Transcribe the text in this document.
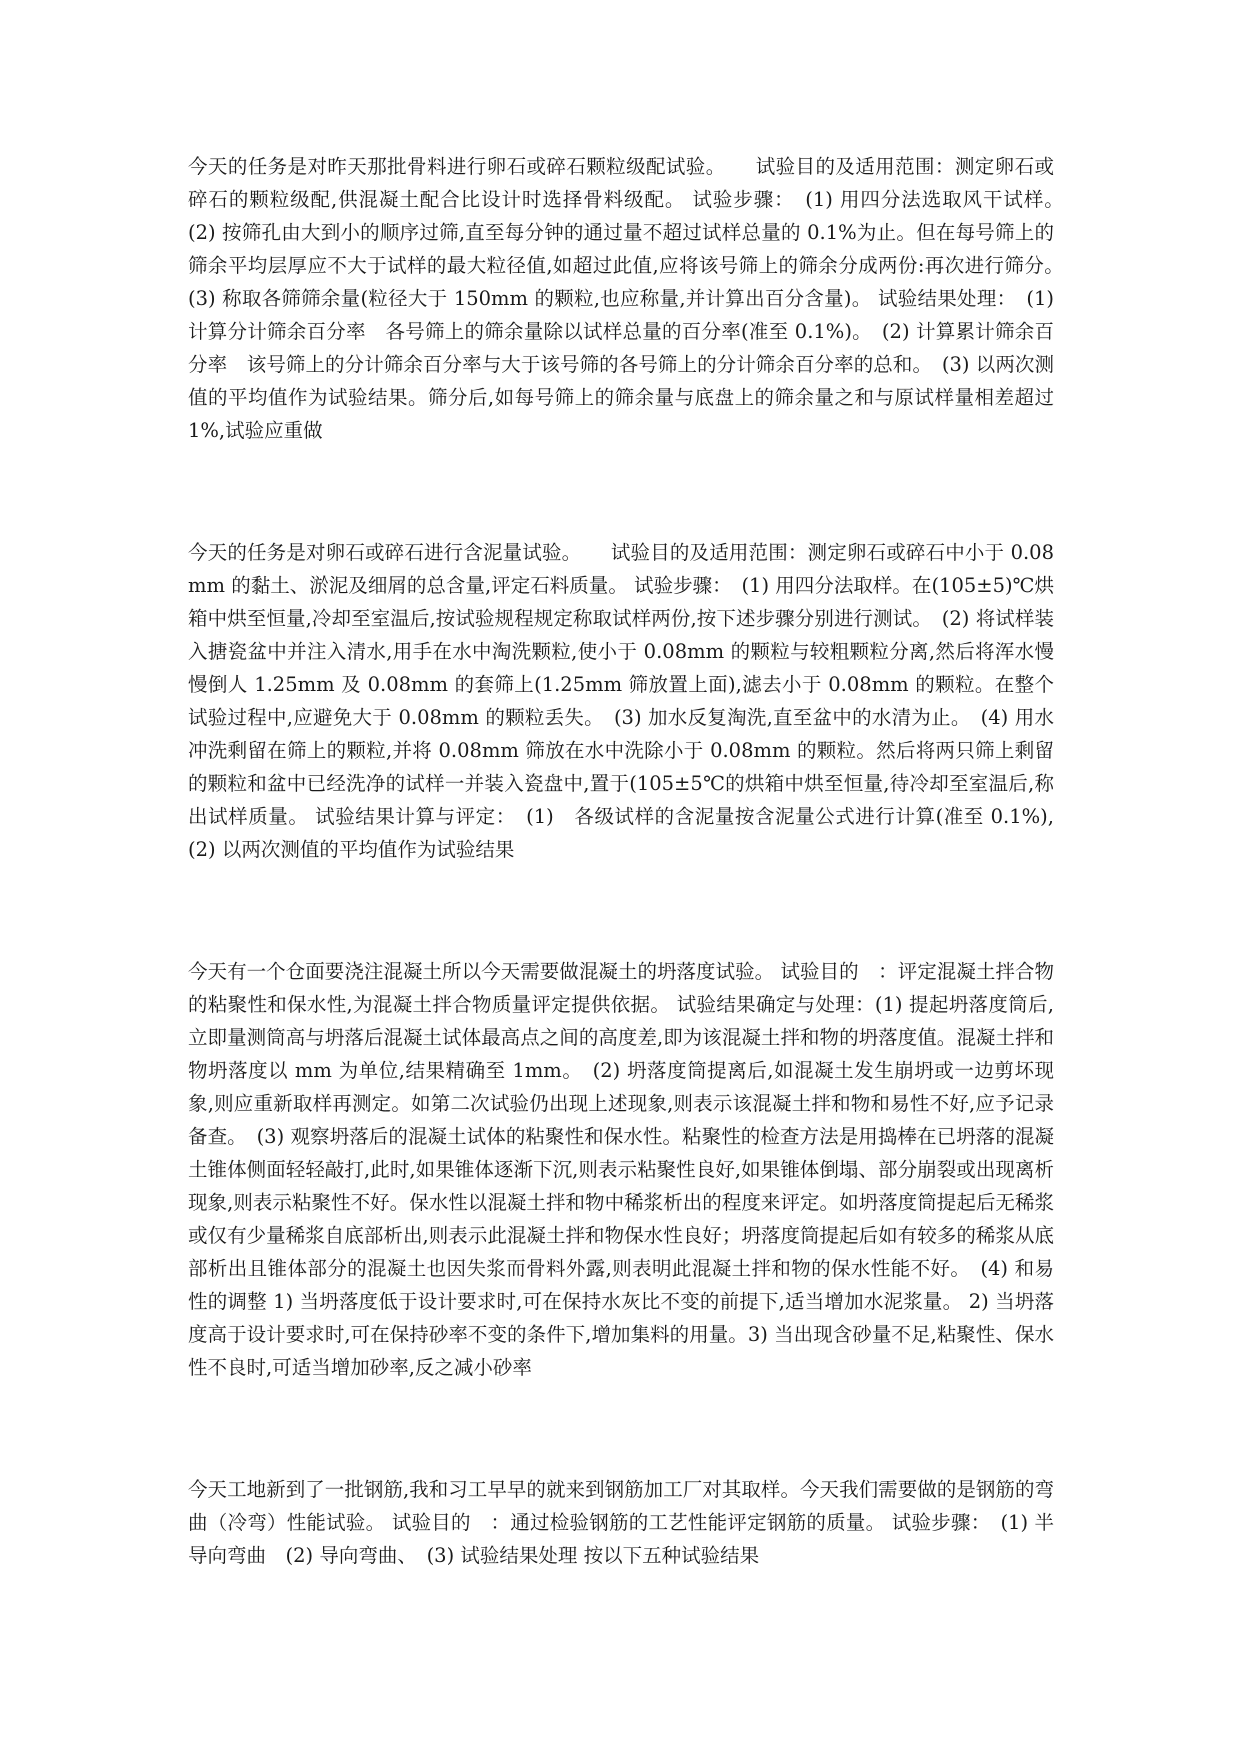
今天的任务是对昨天那批骨料进行卵石或碎石颗粒级配试验。　　试验目的及适用范围：测定卵石或碎石的颗粒级配,供混凝土配合比设计时选择骨料级配。 试验步骤：　(1) 用四分法选取风干试样。　(2) 按筛孔由大到小的顺序过筛,直至每分钟的通过量不超过试样总量的 0.1%为止。但在每号筛上的筛余平均层厚应不大于试样的最大粒径值,如超过此值,应将该号筛上的筛余分成两份:再次进行筛分。　(3) 称取各筛筛余量(粒径大于 150mm 的颗粒,也应称量,并计算出百分含量)。 试验结果处理：　(1) 计算分计筛余百分率　各号筛上的筛余量除以试样总量的百分率(准至 0.1%)。　(2) 计算累计筛余百分率　该号筛上的分计筛余百分率与大于该号筛的各号筛上的分计筛余百分率的总和。　(3) 以两次测值的平均值作为试验结果。筛分后,如每号筛上的筛余量与底盘上的筛余量之和与原试样量相差超过 1%,试验应重做

今天的任务是对卵石或碎石进行含泥量试验。　　试验目的及适用范围：测定卵石或碎石中小于 0.08mm 的黏土、淤泥及细屑的总含量,评定石料质量。 试验步骤：　(1) 用四分法取样。在(105±5)℃烘箱中烘至恒量,冷却至室温后,按试验规程规定称取试样两份,按下述步骤分别进行测试。　(2) 将试样装入搪瓷盆中并注入清水,用手在水中淘洗颗粒,使小于 0.08mm 的颗粒与较粗颗粒分离,然后将浑水慢慢倒人 1.25mm 及 0.08mm 的套筛上(1.25mm 筛放置上面),滤去小于 0.08mm 的颗粒。在整个试验过程中,应避免大于 0.08mm 的颗粒丢失。　(3) 加水反复淘洗,直至盆中的水清为止。　(4) 用水冲洗剩留在筛上的颗粒,并将 0.08mm 筛放在水中洗除小于 0.08mm 的颗粒。然后将两只筛上剩留的颗粒和盆中已经洗净的试样一并装入瓷盘中,置于(105±5℃的烘箱中烘至恒量,待冷却至室温后,称出试样质量。 试验结果计算与评定：　(1)　各级试样的含泥量按含泥量公式进行计算(准至 0.1%),　(2) 以两次测值的平均值作为试验结果

今天有一个仓面要浇注混凝土所以今天需要做混凝土的坍落度试验。 试验目的　：评定混凝土拌合物的粘聚性和保水性,为混凝土拌合物质量评定提供依据。 试验结果确定与处理：(1) 提起坍落度筒后,立即量测筒高与坍落后混凝土试体最高点之间的高度差,即为该混凝土拌和物的坍落度值。混凝土拌和物坍落度以 mm 为单位,结果精确至 1mm。　(2) 坍落度筒提离后,如混凝土发生崩坍或一边剪坏现象,则应重新取样再测定。如第二次试验仍出现上述现象,则表示该混凝土拌和物和易性不好,应予记录备查。　(3) 观察坍落后的混凝土试体的粘聚性和保水性。粘聚性的检查方法是用捣棒在已坍落的混凝土锥体侧面轻轻敲打,此时,如果锥体逐渐下沉,则表示粘聚性良好,如果锥体倒塌、部分崩裂或出现离析现象,则表示粘聚性不好。保水性以混凝土拌和物中稀浆析出的程度来评定。如坍落度筒提起后无稀浆或仅有少量稀浆自底部析出,则表示此混凝土拌和物保水性良好；坍落度筒提起后如有较多的稀浆从底部析出且锥体部分的混凝土也因失浆而骨料外露,则表明此混凝土拌和物的保水性能不好。　(4) 和易性的调整 1) 当坍落度低于设计要求时,可在保持水灰比不变的前提下,适当增加水泥浆量。 2) 当坍落度高于设计要求时,可在保持砂率不变的条件下,增加集料的用量。3) 当出现含砂量不足,粘聚性、保水性不良时,可适当增加砂率,反之减小砂率

今天工地新到了一批钢筋,我和习工早早的就来到钢筋加工厂对其取样。今天我们需要做的是钢筋的弯曲（冷弯）性能试验。 试验目的　：通过检验钢筋的工艺性能评定钢筋的质量。 试验步骤：　(1) 半导向弯曲　(2) 导向弯曲、　(3) 试验结果处理 按以下五种试验结果
